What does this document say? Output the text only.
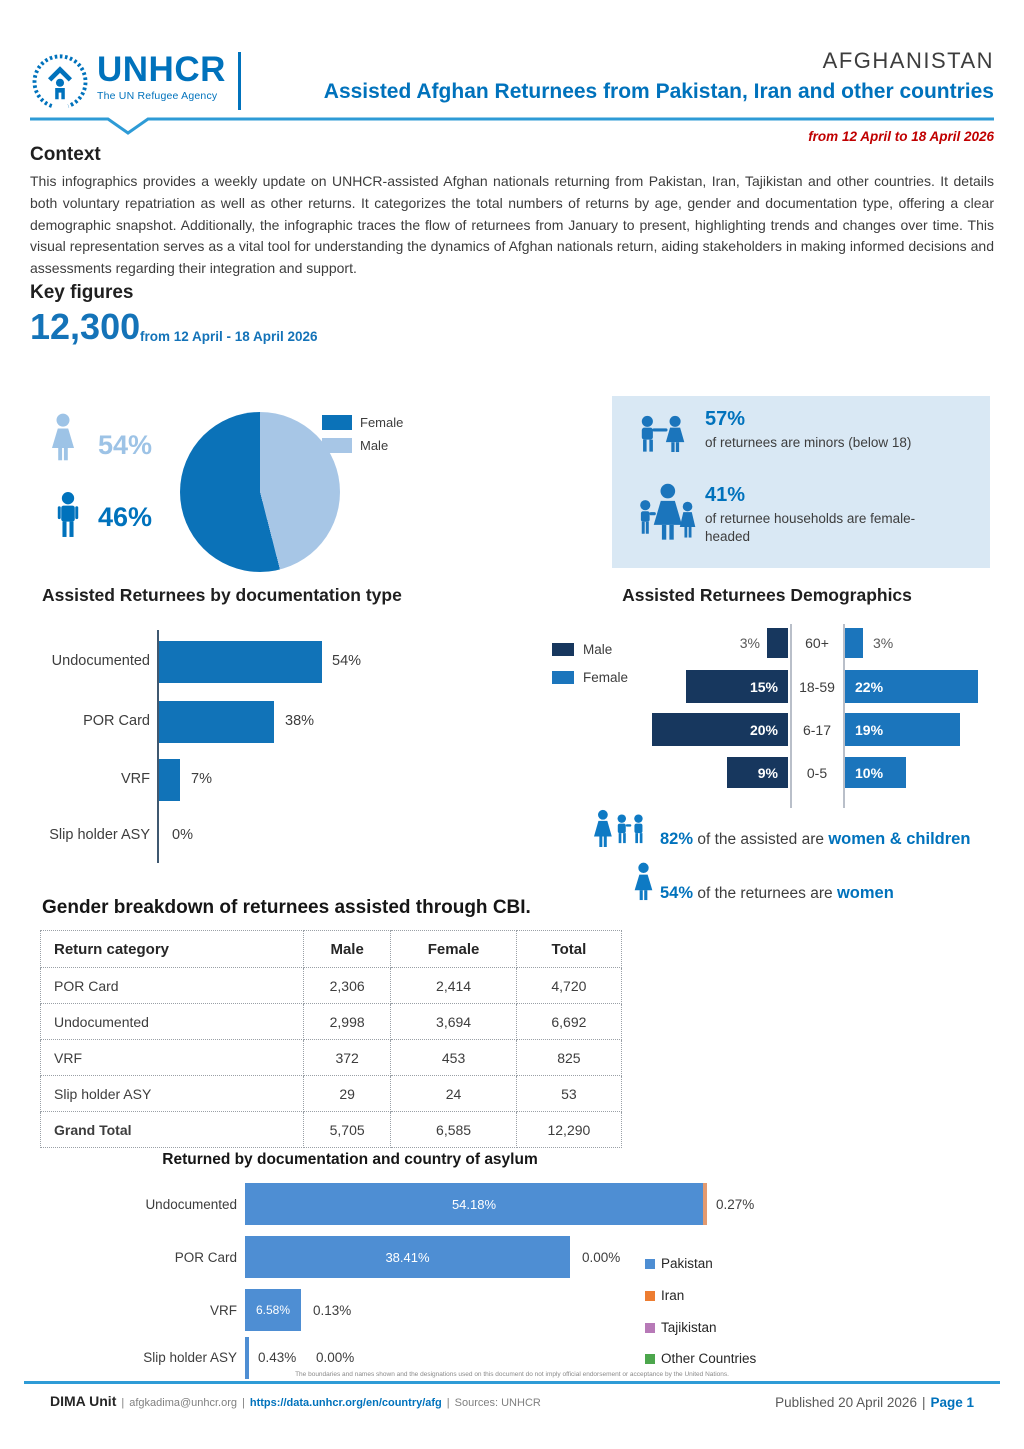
UNHCR
The UN Refugee Agency
AFGHANISTAN
Assisted Afghan Returnees from Pakistan, Iran and other countries
from 12 April to 18 April 2026
Context
This infographics provides a weekly update on UNHCR-assisted Afghan nationals returning from Pakistan, Iran, Tajikistan and other countries. It details both voluntary repatriation as well as other returns. It categorizes the total numbers of returns by age, gender and documentation type, offering a clear demographic snapshot. Additionally, the infographic traces the flow of returnees from January to present, highlighting trends and changes over time. This visual representation serves as a vital tool for understanding the dynamics of Afghan nationals return, aiding stakeholders in making informed decisions and assessments regarding their integration and support.
Key figures
12,300 from 12 April - 18 April 2026
54%
46%
Female
Male
57%
of returnees are minors (below 18)
41%
of returnee households are female-headed
Assisted Returnees by documentation type
Undocumented	54%
POR Card	38%
VRF	7%
Slip holder ASY 0%
Assisted Returnees Demographics
Male
Female
3%	60+	3%
15%	18-59	22%
20%	6-17	19%
9%	0-5	10%
82% of the assisted are women & children
54% of the returnees are women
Gender breakdown of returnees assisted through CBI.
Return category	Male	Female	Total
POR Card	2,306	2,414	4,720
Undocumented	2,998	3,694	6,692
VRF	372	453	825
Slip holder ASY	29	24	53
Grand Total	5,705	6,585	12,290
Returned by documentation and country of asylum
Undocumented	54.18%	0.27%
POR Card	38.41%	0.00%
VRF 6.58% 0.13%
Slip holder ASY 0.43% 0.00%
Pakistan
Iran
Tajikistan
Other Countries
The boundaries and names shown and the designations used on this document do not imply official endorsement or acceptance by the United Nations.
DIMA Unit | afgkadima@unhcr.org | https://data.unhcr.org/en/country/afg | Sources: UNHCR	Published 20 April 2026 | Page 1
